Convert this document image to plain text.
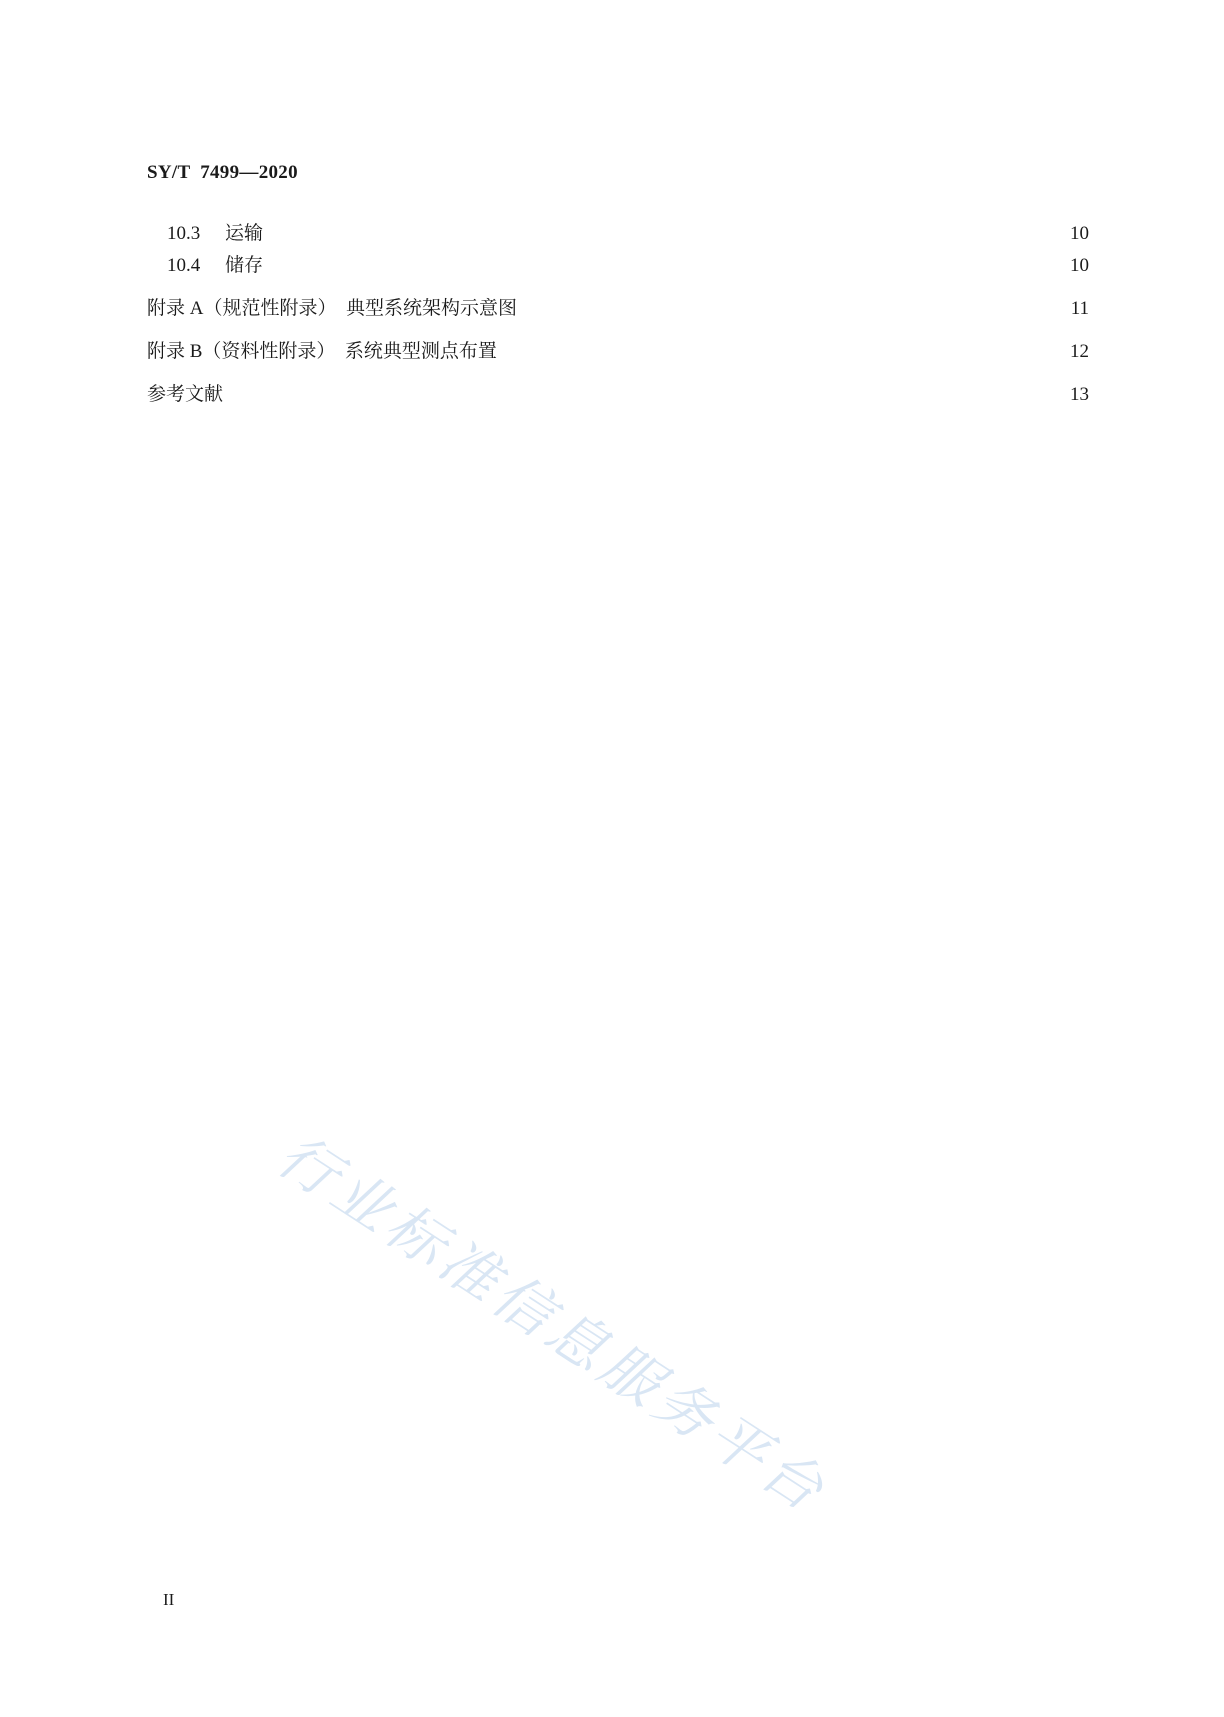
SY/T  7499—2020
10.3	运输	10
10.4	储存	10
附录 A（规范性附录）  典型系统架构示意图	11
附录 B（资料性附录）  系统典型测点布置	12
参考文献	13
行业标准信息服务平台
II
